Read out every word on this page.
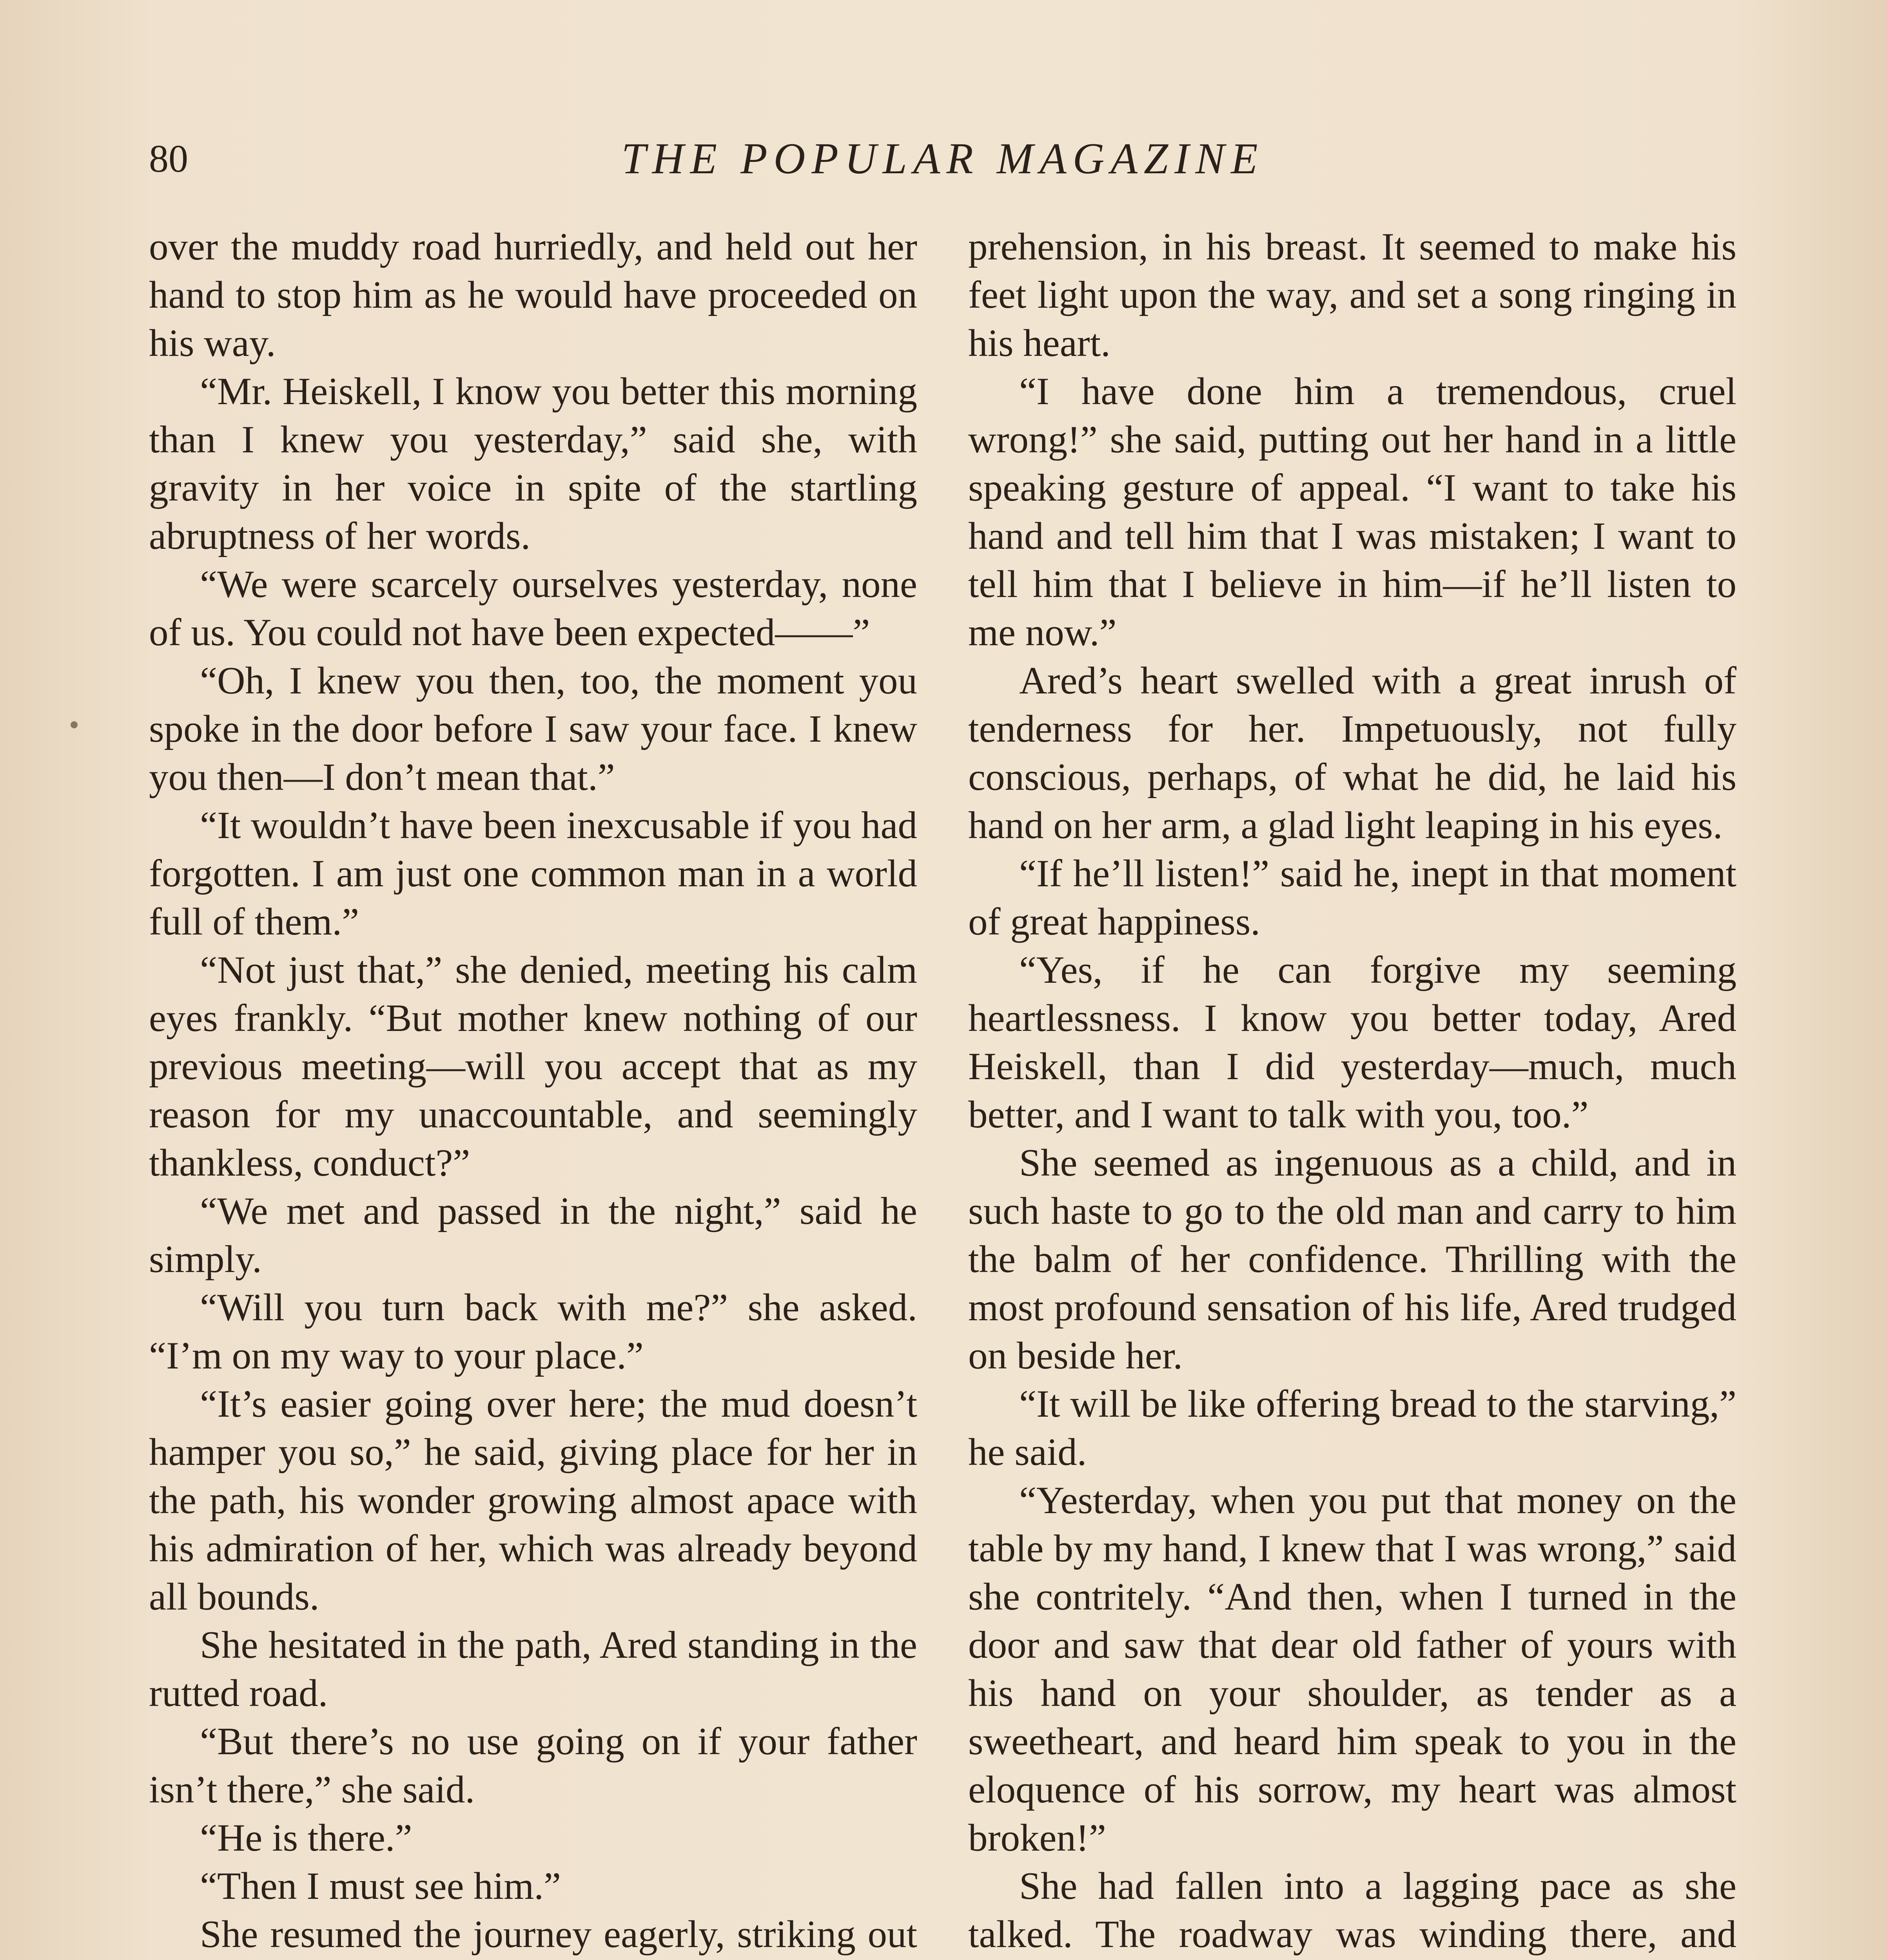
80	THE POPULAR MAGAZINE

over the muddy road hurriedly, and held out her hand to stop him as he would have proceeded on his way.

“Mr. Heiskell, I know you better this morning than I knew you yesterday,” said she, with gravity in her voice in spite of the startling abruptness of her words.

“We were scarcely ourselves yesterday, none of us. You could not have been expected——”

“Oh, I knew you then, too, the moment you spoke in the door before I saw your face. I knew you then—I don’t mean that.”

“It wouldn’t have been inexcusable if you had forgotten. I am just one common man in a world full of them.”

“Not just that,” she denied, meeting his calm eyes frankly. “But mother knew nothing of our previous meeting—will you accept that as my reason for my unaccountable, and seemingly thankless, conduct?”

“We met and passed in the night,” said he simply.

“Will you turn back with me?” she asked. “I’m on my way to your place.”

“It’s easier going over here; the mud doesn’t hamper you so,” he said, giving place for her in the path, his wonder growing almost apace with his admiration of her, which was already beyond all bounds.

She hesitated in the path, Ared standing in the rutted road.

“But there’s no use going on if your father isn’t there,” she said.

“He is there.”

“Then I must see him.”

She resumed the journey eagerly, striking out

prehension, in his breast. It seemed to make his feet light upon the way, and set a song ringing in his heart.

“I have done him a tremendous, cruel wrong!” she said, putting out her hand in a little speaking gesture of appeal. “I want to take his hand and tell him that I was mistaken; I want to tell him that I believe in him—if he’ll listen to me now.”

Ared’s heart swelled with a great inrush of tenderness for her. Impetuously, not fully conscious, perhaps, of what he did, he laid his hand on her arm, a glad light leaping in his eyes.

“If he’ll listen!” said he, inept in that moment of great happiness.

“Yes, if he can forgive my seeming heartlessness. I know you better today, Ared Heiskell, than I did yesterday—much, much better, and I want to talk with you, too.”

She seemed as ingenuous as a child, and in such haste to go to the old man and carry to him the balm of her confidence. Thrilling with the most profound sensation of his life, Ared trudged on beside her.

“It will be like offering bread to the starving,” he said.

“Yesterday, when you put that money on the table by my hand, I knew that I was wrong,” said she contritely. “And then, when I turned in the door and saw that dear old father of yours with his hand on your shoulder, as tender as a sweetheart, and heard him speak to you in the eloquence of his sorrow, my heart was almost broken!”

She had fallen into a lagging pace as she talked. The roadway was winding there, and
